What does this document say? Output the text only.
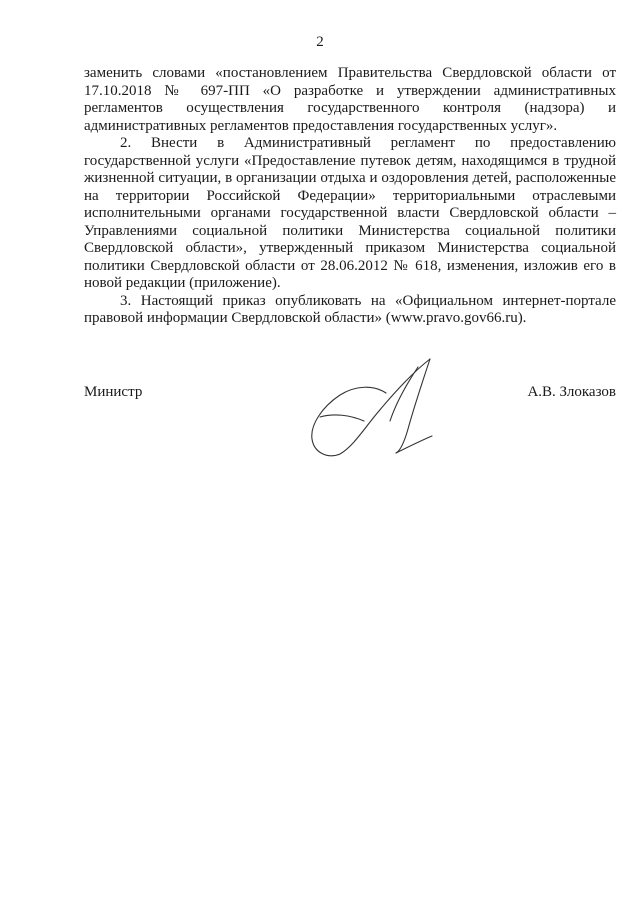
2

заменить словами «постановлением Правительства Свердловской области от 17.10.2018 № 697-ПП «О разработке и утверждении административных регламентов осуществления государственного контроля (надзора) и административных регламентов предоставления государственных услуг».

2. Внести в Административный регламент по предоставлению государственной услуги «Предоставление путевок детям, находящимся в трудной жизненной ситуации, в организации отдыха и оздоровления детей, расположенные на территории Российской Федерации» территориальными отраслевыми исполнительными органами государственной власти Свердловской области – Управлениями социальной политики Министерства социальной политики Свердловской области», утвержденный приказом Министерства социальной политики Свердловской области от 28.06.2012 № 618, изменения, изложив его в новой редакции (приложение).

3. Настоящий приказ опубликовать на «Официальном интернет-портале правовой информации Свердловской области» (www.pravo.gov66.ru).

Министр	А.В. Злоказов
